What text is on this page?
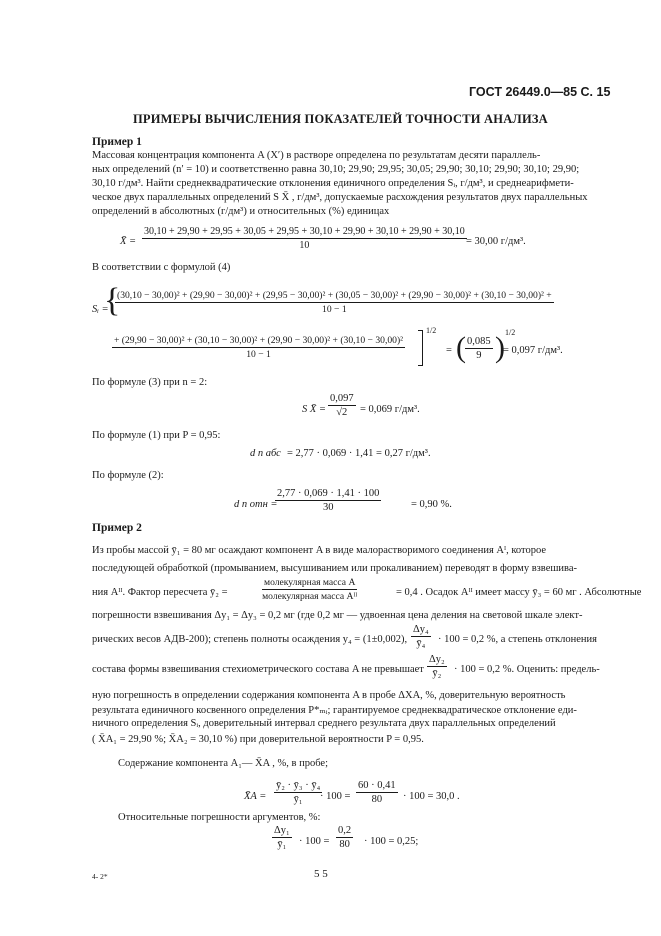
ГОСТ 26449.0—85 С. 15
ПРИМЕРЫ ВЫЧИСЛЕНИЯ ПОКАЗАТЕЛЕЙ ТОЧНОСТИ АНАЛИЗА
Пример 1
Массовая концентрация компонента A (X′) в растворе определена по результатам десяти параллель-
ных определений (n′ = 10) и соответственно равна 30,10; 29,90; 29,95; 30,05; 29,90; 30,10; 29,90; 30,10; 29,90;
30,10 г/дм³. Найти среднеквадратические отклонения единичного определения Sᵢ, г/дм³, и среднеарифмети-
ческое двух параллельных определений S X̄ , г/дм³, допускаемые расхождения результатов двух параллельных
определений в абсолютных (г/дм³) и относительных (%) единицах
X̄ =
30,10 + 29,90 + 29,95 + 30,05 + 29,95 + 30,10 + 29,90 + 30,10 + 29,90 + 30,10
10	= 30,00 г/дм³.
В соответствии с формулой (4)
Sᵢ =
{
(30,10 − 30,00)² + (29,90 − 30,00)² + (29,95 − 30,00)² + (30,05 − 30,00)² + (29,90 − 30,00)² + (30,10 − 30,00)² +
10 − 1
+ (29,90 − 30,00)² + (30,10 − 30,00)² + (29,90 − 30,00)² + (30,10 − 30,00)²
10 − 1
1/2
= ( $\frac{0,085}{9}$ ) 1/2
= 0,097 г/дм³.
По формуле (3) при n = 2:
S X̄ = $\frac{0,097}{√2} = 0,069$ г/дм³.
По формуле (1) при P = 0,95:
d n абс = 2,77 · 0,069 · 1,41 = 0,27 г/дм³.
По формуле (2):
d n отн =
$\frac{2,77 \cdot 0,069 \cdot 1,41 \cdot 100}{30}$	= 0,90 %.
Пример 2
Из пробы массой ȳ₁ = 80 мг осаждают компонент A в виде малорастворимого соединения Aᴵ, которое
последующей обработкой (промыванием, высушиванием или прокаливанием) переводят в форму взвешива-
ния Aᴵᴵ. Фактор пересчета ȳ₂ =
молекулярная масса A
молекулярная масса Aᴵᴵ	= 0,4 . Осадок Aᴵᴵ имеет массу ȳ₃ = 60 мг . Абсолютные
погрешности взвешивания Δy₁ = Δy₃ = 0,2 мг (где 0,2 мг — удвоенная цена деления на световой шкале элект-
рических весов АДВ-200); степень полноты осаждения y₄ = (1±0,002), $\frac{\text{Δy₄}}{\text{ȳ₄}} \cdot 100 = 0,2$ %, а степень отклонения
состава формы взвешивания стехиометрического состава A не превышает $\frac{\text{Δy₂}}{\text{ȳ₂}} \cdot 100 = 0,2$ %. Оценить: предель-
ную погрешность в определении содержания компонента A в пробе ΔXA, %, доверительную вероятность
результата единичного косвенного определения P*ₘᵢ; гарантируемое среднеквадратическое отклонение еди-
ничного определения Sᵢ, доверительный интервал среднего результата двух параллельных определений
( X̄A₁ = 29,90 %; X̄A₂ = 30,10 %) при доверительной вероятности P = 0,95.
Содержание компонента A₁— X̄A , %, в пробе;
X̄A = $\frac{\text{ȳ₂ · ȳ₃ · ȳ₄}}{\text{ȳ₁}}$
· $100 = \frac{60 \cdot 0,41}{80} \cdot 100 = 30,0$ .
Относительные погрешности аргументов, %:
$\frac{\text{Δy₁}}{\text{ȳ₁}} \cdot 100 = \frac{0,2}{80} \cdot 100 = 0,25$;
4- 2*	5 5
